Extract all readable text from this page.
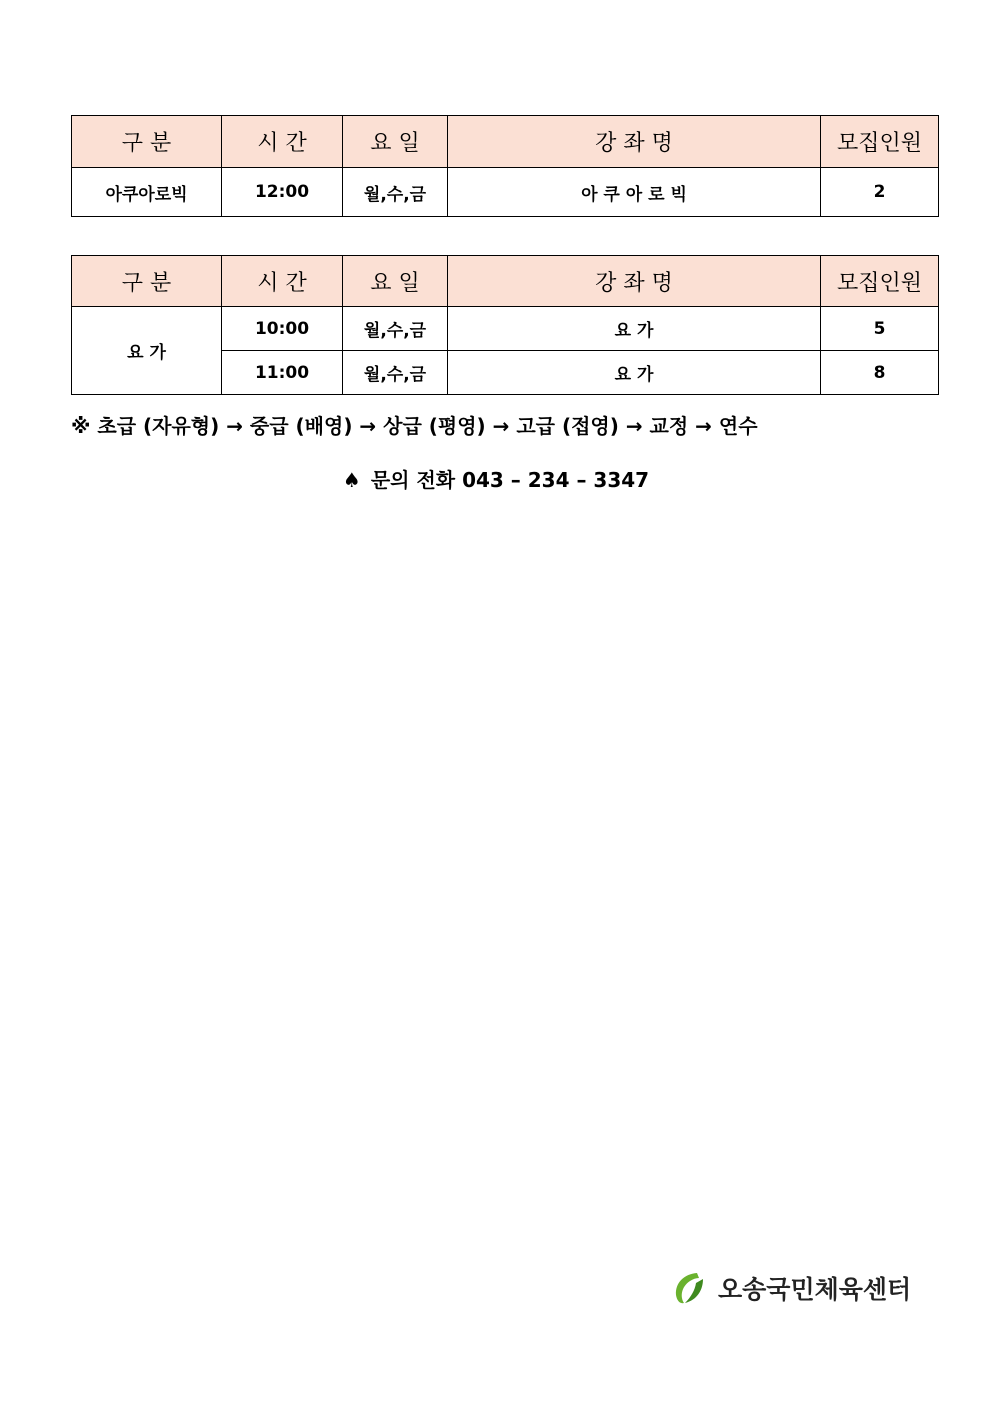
구 분	시 간	요 일	강 좌 명	모집인원
아쿠아로빅	12:00	월,수,금	아 쿠 아 로 빅	2
구 분	시 간	요 일	강 좌 명	모집인원
요 가	10:00	월,수,금	요 가	5
	11:00	월,수,금	요 가	8
※ 초급 (자유형) → 중급 (배영) → 상급 (평영) → 고급 (접영) → 교정 → 연수
♠ 문의 전화 043 – 234 – 3347
오송국민체육센터
